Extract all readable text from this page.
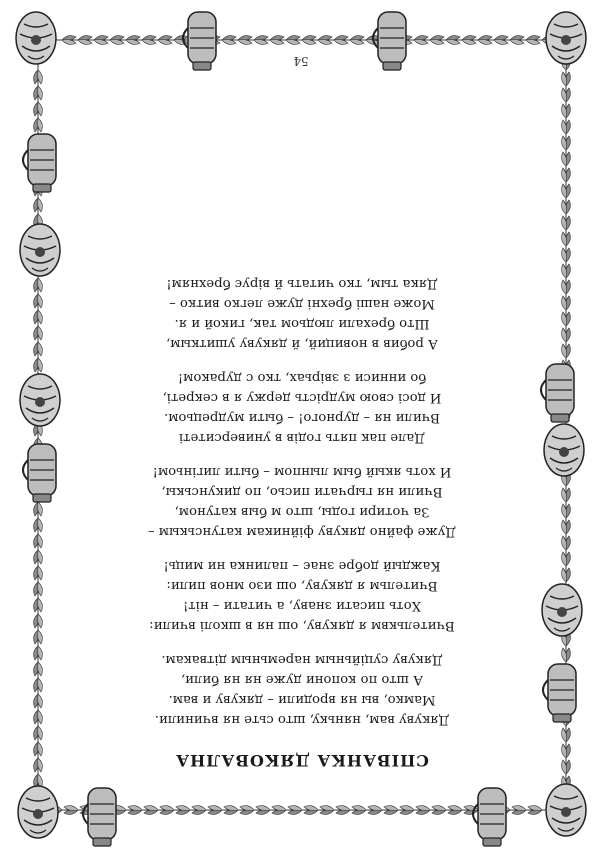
СПІВАНКА ДЯКОВАЛНА
Дякуву вам, нянькy, што сьте ня вчинили.
Мамко, вы ня вродили – дякуву и вам.
А што по копони дуже ня ня били,
Дякуву суційьным наремьным дітвакам.
Вчительквм я дякуву, ош ня в школі вчили:
Хоть писати знаву, а читати – ніт!
Вчительм я дякуву, ош изо мнов пили:
Каждый добре знає – палинка ни миць!
Дуже файно дякуву фійникам катунськым –
За чотири годы, што м быв катуном,
Вчили ня гырчати письо, по дикунськы,
И хоть якый бым лынпом – быти лигіньом!
Дале пак пять годів в университеті
Вчили ня – дурного! – быти мудрецьом.
И досі свою мудрість держу я в секреті,
бо инниси з звірьах, тко с дураком!
А робив в новиций, й дякуву ушиткым,
Што брехали людьом так, гикой и я.
Може наші брехні дуже легко витко –
Дяка тым, тко читать й вірує брехням!
54
